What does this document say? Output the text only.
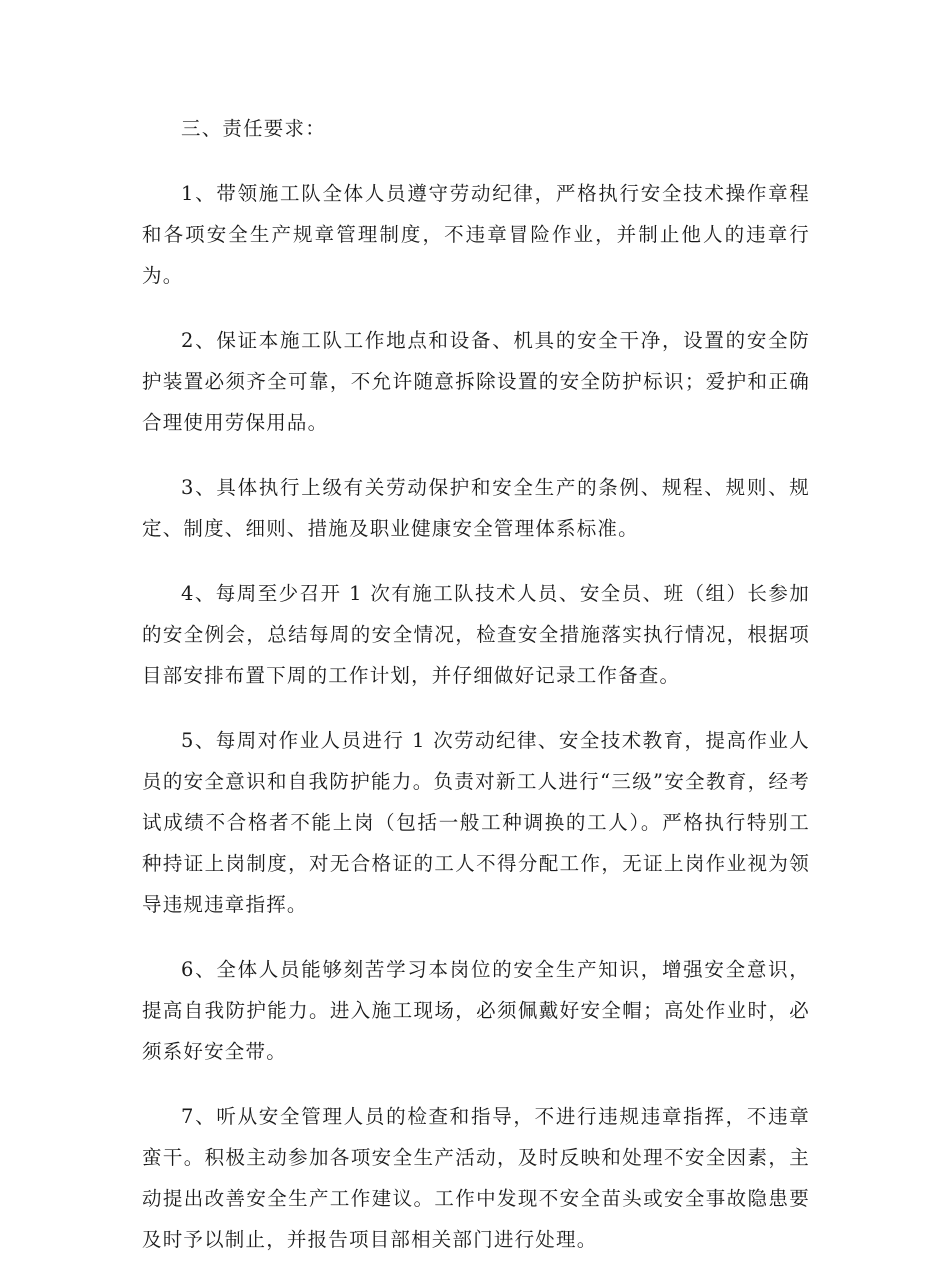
三、责任要求：

1、带领施工队全体人员遵守劳动纪律，严格执行安全技术操作章程和各项安全生产规章管理制度，不违章冒险作业，并制止他人的违章行为。

2、保证本施工队工作地点和设备、机具的安全干净，设置的安全防护装置必须齐全可靠，不允许随意拆除设置的安全防护标识；爱护和正确合理使用劳保用品。

3、具体执行上级有关劳动保护和安全生产的条例、规程、规则、规定、制度、细则、措施及职业健康安全管理体系标准。

4、每周至少召开 1 次有施工队技术人员、安全员、班（组）长参加的安全例会，总结每周的安全情况，检查安全措施落实执行情况，根据项目部安排布置下周的工作计划，并仔细做好记录工作备查。

5、每周对作业人员进行 1 次劳动纪律、安全技术教育，提高作业人员的安全意识和自我防护能力。负责对新工人进行“三级”安全教育，经考试成绩不合格者不能上岗（包括一般工种调换的工人）。严格执行特别工种持证上岗制度，对无合格证的工人不得分配工作，无证上岗作业视为领导违规违章指挥。

6、全体人员能够刻苦学习本岗位的安全生产知识，增强安全意识，提高自我防护能力。进入施工现场，必须佩戴好安全帽；高处作业时，必须系好安全带。

7、听从安全管理人员的检查和指导，不进行违规违章指挥，不违章蛮干。积极主动参加各项安全生产活动，及时反映和处理不安全因素，主动提出改善安全生产工作建议。工作中发现不安全苗头或安全事故隐患要及时予以制止，并报告项目部相关部门进行处理。
